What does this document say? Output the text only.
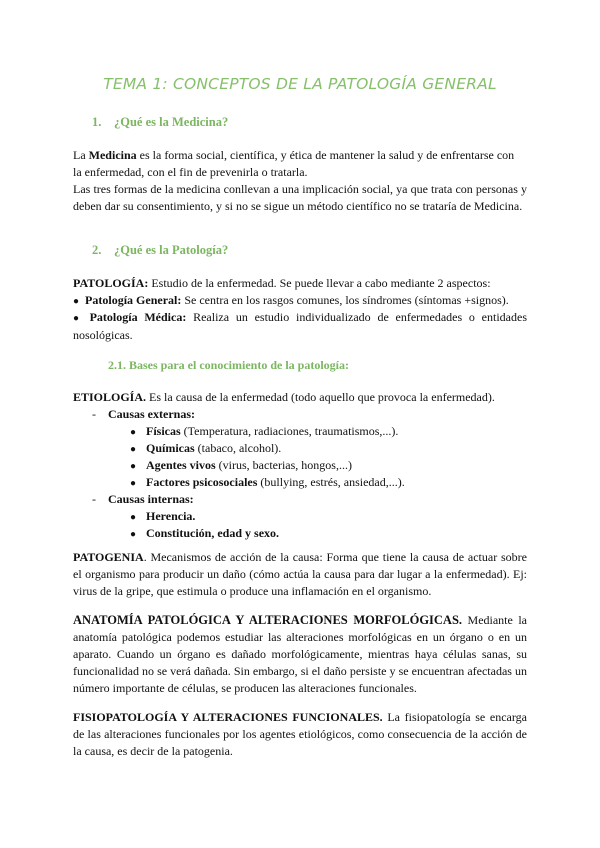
TEMA 1: CONCEPTOS DE LA PATOLOGÍA GENERAL
1. ¿Qué es la Medicina?
La Medicina es la forma social, científica, y ética de mantener la salud y de enfrentarse con
la enfermedad, con el fin de prevenirla o tratarla.
Las tres formas de la medicina conllevan a una implicación social, ya que trata con personas y deben dar su consentimiento, y si no se sigue un método científico no se trataría de Medicina.
2. ¿Qué es la Patología?
PATOLOGÍA: Estudio de la enfermedad. Se puede llevar a cabo mediante 2 aspectos:
● Patología General: Se centra en los rasgos comunes, los síndromes (síntomas +signos).
● Patología Médica: Realiza un estudio individualizado de enfermedades o entidades nosológicas.
2.1. Bases para el conocimiento de la patología:
ETIOLOGÍA. Es la causa de la enfermedad (todo aquello que provoca la enfermedad).
- Causas externas:
● Físicas (Temperatura, radiaciones, traumatismos,...).
● Químicas (tabaco, alcohol).
● Agentes vivos (virus, bacterias, hongos,...)
● Factores psicosociales (bullying, estrés, ansiedad,...).
- Causas internas:
● Herencia.
● Constitución, edad y sexo.
PATOGENIA. Mecanismos de acción de la causa: Forma que tiene la causa de actuar sobre el organismo para producir un daño (cómo actúa la causa para dar lugar a la enfermedad). Ej: virus de la gripe, que estimula o produce una inflamación en el organismo.
ANATOMÍA PATOLÓGICA Y ALTERACIONES MORFOLÓGICAS. Mediante la anatomía patológica podemos estudiar las alteraciones morfológicas en un órgano o en un aparato. Cuando un órgano es dañado morfológicamente, mientras haya células sanas, su funcionalidad no se verá dañada. Sin embargo, si el daño persiste y se encuentran afectadas un número importante de células, se producen las alteraciones funcionales.
FISIOPATOLOGÍA Y ALTERACIONES FUNCIONALES. La fisiopatología se encarga de las alteraciones funcionales por los agentes etiológicos, como consecuencia de la acción de la causa, es decir de la patogenia.
